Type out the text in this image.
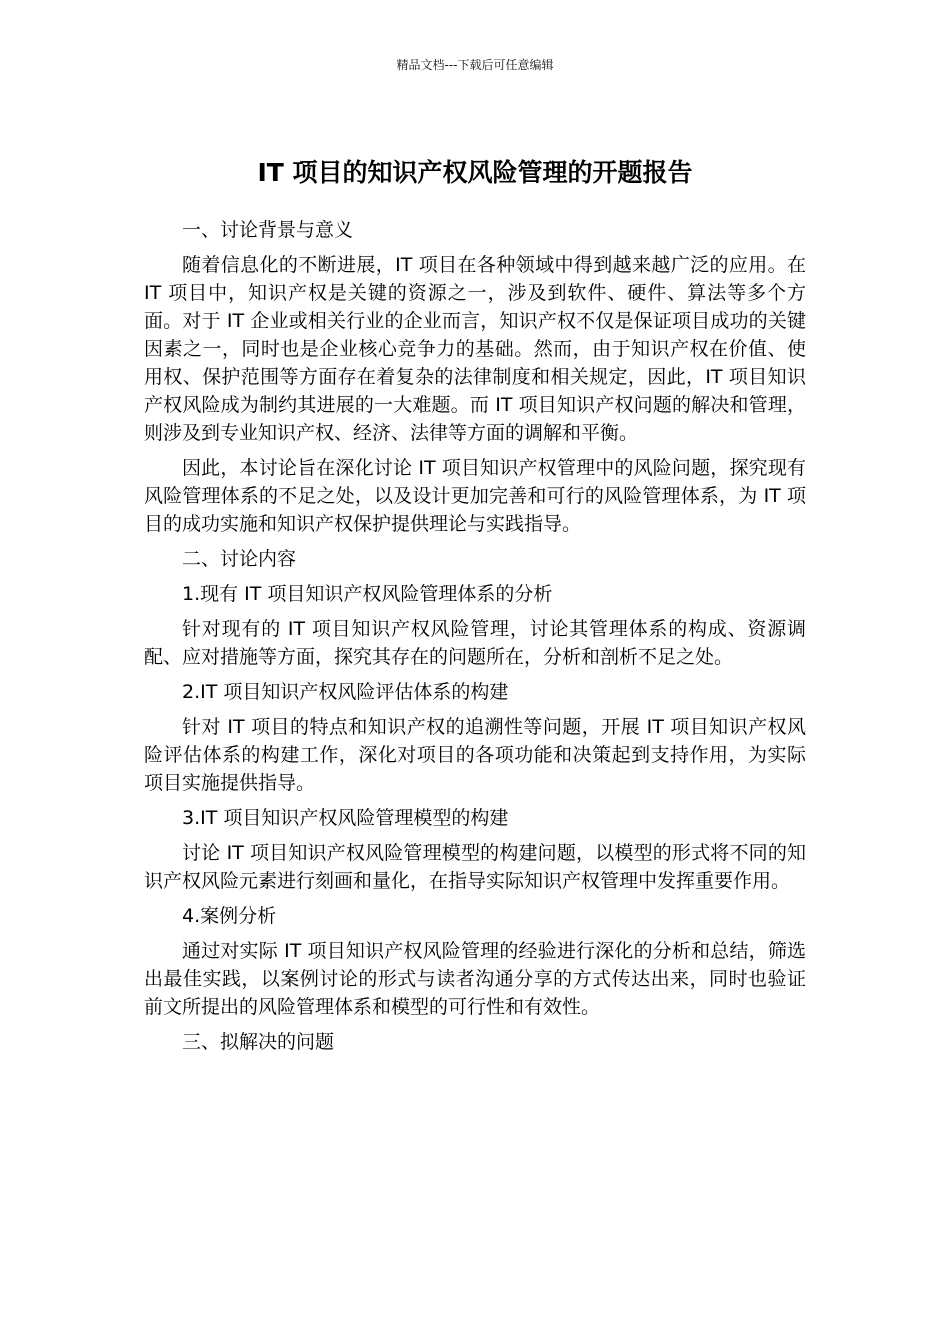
精品文档---下载后可任意编辑
IT 项目的知识产权风险管理的开题报告

一、讨论背景与意义

随着信息化的不断进展，IT 项目在各种领域中得到越来越广泛的应用。在 IT 项目中，知识产权是关键的资源之一，涉及到软件、硬件、算法等多个方面。对于 IT 企业或相关行业的企业而言，知识产权不仅是保证项目成功的关键因素之一，同时也是企业核心竞争力的基础。然而，由于知识产权在价值、使用权、保护范围等方面存在着复杂的法律制度和相关规定，因此，IT 项目知识产权风险成为制约其进展的一大难题。而 IT 项目知识产权问题的解决和管理，则涉及到专业知识产权、经济、法律等方面的调解和平衡。

因此，本讨论旨在深化讨论 IT 项目知识产权管理中的风险问题，探究现有风险管理体系的不足之处，以及设计更加完善和可行的风险管理体系，为 IT 项目的成功实施和知识产权保护提供理论与实践指导。

二、讨论内容

1.现有 IT 项目知识产权风险管理体系的分析

针对现有的 IT 项目知识产权风险管理，讨论其管理体系的构成、资源调配、应对措施等方面，探究其存在的问题所在，分析和剖析不足之处。

2.IT 项目知识产权风险评估体系的构建

针对 IT 项目的特点和知识产权的追溯性等问题，开展 IT 项目知识产权风险评估体系的构建工作，深化对项目的各项功能和决策起到支持作用，为实际项目实施提供指导。

3.IT 项目知识产权风险管理模型的构建

讨论 IT 项目知识产权风险管理模型的构建问题，以模型的形式将不同的知识产权风险元素进行刻画和量化，在指导实际知识产权管理中发挥重要作用。

4.案例分析

通过对实际 IT 项目知识产权风险管理的经验进行深化的分析和总结，筛选出最佳实践，以案例讨论的形式与读者沟通分享的方式传达出来，同时也验证前文所提出的风险管理体系和模型的可行性和有效性。

三、拟解决的问题
